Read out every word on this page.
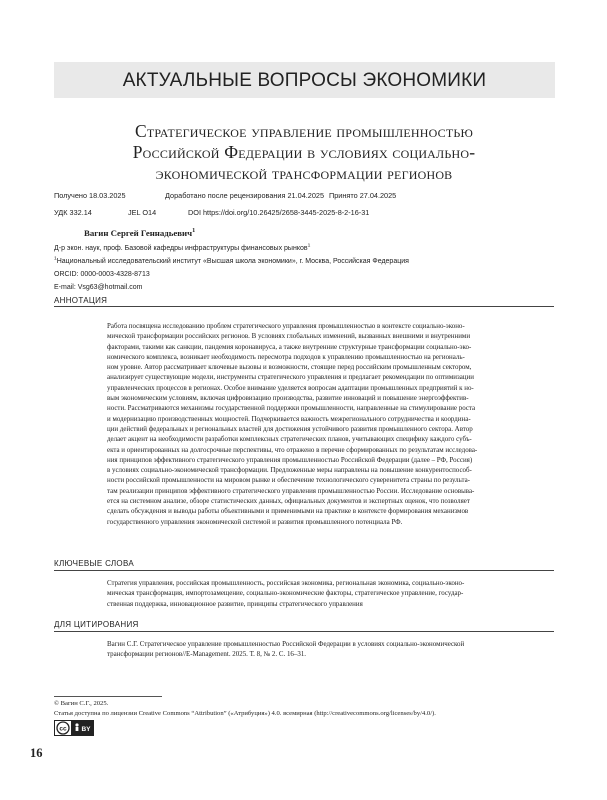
АКТУАЛЬНЫЕ ВОПРОСЫ ЭКОНОМИКИ
Стратегическое управление промышленностью
Российской Федерации в условиях социально-
экономической трансформации регионов
Получено 18.03.2025	Доработано после рецензирования 21.04.2025 Принято 27.04.2025
УДК 332.14	JEL O14	DOI https://doi.org/10.26425/2658-3445-2025-8-2-16-31
Вагин Сергей Геннадьевич1
Д-р экон. наук, проф. Базовой кафедры инфраструктуры финансовых рынков1
1Национальный исследовательский институт «Высшая школа экономики», г. Москва, Российская Федерация
ORCID: 0000-0003-4328-8713
E-mail: Vsg63@hotmail.com
АННОТАЦИЯ
Работа посвящена исследованию проблем стратегического управления промышленностью в контексте социально-эконо-
мической трансформации российских регионов. В условиях глобальных изменений, вызванных внешними и внутренними
факторами, такими как санкции, пандемия коронавируса, а также внутренние структурные трансформации социально-эко-
номического комплекса, возникает необходимость пересмотра подходов к управлению промышленностью на региональ-
ном уровне. Автор рассматривает ключевые вызовы и возможности, стоящие перед российским промышленным сектором,
анализирует существующие модели, инструменты стратегического управления и предлагает рекомендации по оптимизации
управленческих процессов в регионах. Особое внимание уделяется вопросам адаптации промышленных предприятий к но-
вым экономическим условиям, включая цифровизацию производства, развитие инноваций и повышение энергоэффектив-
ности. Рассматриваются механизмы государственной поддержки промышленности, направленные на стимулирование роста
и модернизацию производственных мощностей. Подчеркивается важность межрегионального сотрудничества и координа-
ции действий федеральных и региональных властей для достижения устойчивого развития промышленного сектора. Автор
делает акцент на необходимости разработки комплексных стратегических планов, учитывающих специфику каждого субъ-
екта и ориентированных на долгосрочные перспективы, что отражено в перечне сформированных по результатам исследова-
ния принципов эффективного стратегического управления промышленностью Российской Федерации (далее – РФ, Россия)
в условиях социально-экономической трансформации. Предложенные меры направлены на повышение конкурентоспособ-
ности российской промышленности на мировом рынке и обеспечение технологического суверенитета страны по результа-
там реализации принципов эффективного стратегического управления промышленностью России. Исследование основыва-
ется на системном анализе, обзоре статистических данных, официальных документов и экспертных оценок, что позволяет
сделать обсуждения и выводы работы объективными и применимыми на практике в контексте формирования механизмов
государственного управления экономической системой и развития промышленного потенциала РФ.
КЛЮЧЕВЫЕ СЛОВА
Стратегия управления, российская промышленность, российская экономика, региональная экономика, социально-эконо-
мическая трансформация, импортозамещение, социально-экономические факторы, стратегическое управление, государ-
ственная поддержка, инновационное развитие, принципы стратегического управления
ДЛЯ ЦИТИРОВАНИЯ
Вагин С.Г. Стратегическое управление промышленностью Российской Федерации в условиях социально-экономической
трансформации регионов//E-Management. 2025. Т. 8, № 2. С. 16–31.
© Вагин С.Г., 2025.
Статья доступна по лицензии Creative Commons “Attribution” («Атрибуция») 4.0. всемирная (http://creativecommons.org/licenses/by/4.0/).
cc BY
16
